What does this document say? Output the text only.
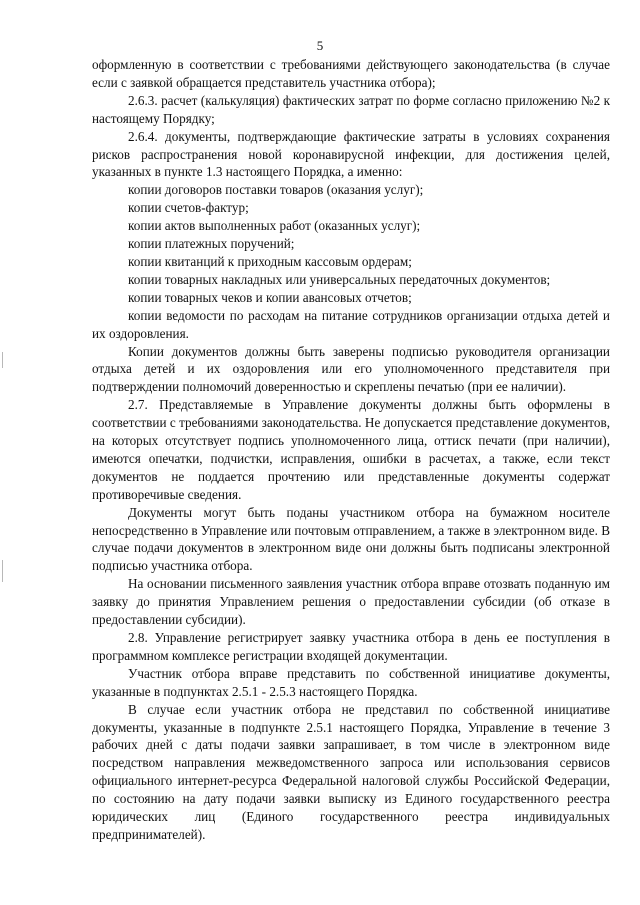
5

оформленную в соответствии с требованиями действующего законодательства (в случае если с заявкой обращается представитель участника отбора);

2.6.3. расчет (калькуляция) фактических затрат по форме согласно приложению №2 к настоящему Порядку;

2.6.4. документы, подтверждающие фактические затраты в условиях сохранения рисков распространения новой коронавирусной инфекции, для достижения целей, указанных в пункте 1.3 настоящего Порядка, а именно:

копии договоров поставки товаров (оказания услуг);

копии счетов-фактур;

копии актов выполненных работ (оказанных услуг);

копии платежных поручений;

копии квитанций к приходным кассовым ордерам;

копии товарных накладных или универсальных передаточных документов;

копии товарных чеков и копии авансовых отчетов;

копии ведомости по расходам на питание сотрудников организации отдыха детей и их оздоровления.

Копии документов должны быть заверены подписью руководителя организации отдыха детей и их оздоровления или его уполномоченного представителя при подтверждении полномочий доверенностью и скреплены печатью (при ее наличии).

2.7. Представляемые в Управление документы должны быть оформлены в соответствии с требованиями законодательства. Не допускается представление документов, на которых отсутствует подпись уполномоченного лица, оттиск печати (при наличии), имеются опечатки, подчистки, исправления, ошибки в расчетах, а также, если текст документов не поддается прочтению или представленные документы содержат противоречивые сведения.

Документы могут быть поданы участником отбора на бумажном носителе непосредственно в Управление или почтовым отправлением, а также в электронном виде. В случае подачи документов в электронном виде они должны быть подписаны электронной подписью участника отбора.

На основании письменного заявления участник отбора вправе отозвать поданную им заявку до принятия Управлением решения о предоставлении субсидии (об отказе в предоставлении субсидии).

2.8. Управление регистрирует заявку участника отбора в день ее поступления в программном комплексе регистрации входящей документации.

Участник отбора вправе представить по собственной инициативе документы, указанные в подпунктах 2.5.1 - 2.5.3 настоящего Порядка.

В случае если участник отбора не представил по собственной инициативе документы, указанные в подпункте 2.5.1 настоящего Порядка, Управление в течение 3 рабочих дней с даты подачи заявки запрашивает, в том числе в электронном виде посредством направления межведомственного запроса или использования сервисов официального интернет-ресурса Федеральной налоговой службы Российской Федерации, по состоянию на дату подачи заявки выписку из Единого государственного реестра юридических лиц (Единого государственного реестра индивидуальных предпринимателей).
